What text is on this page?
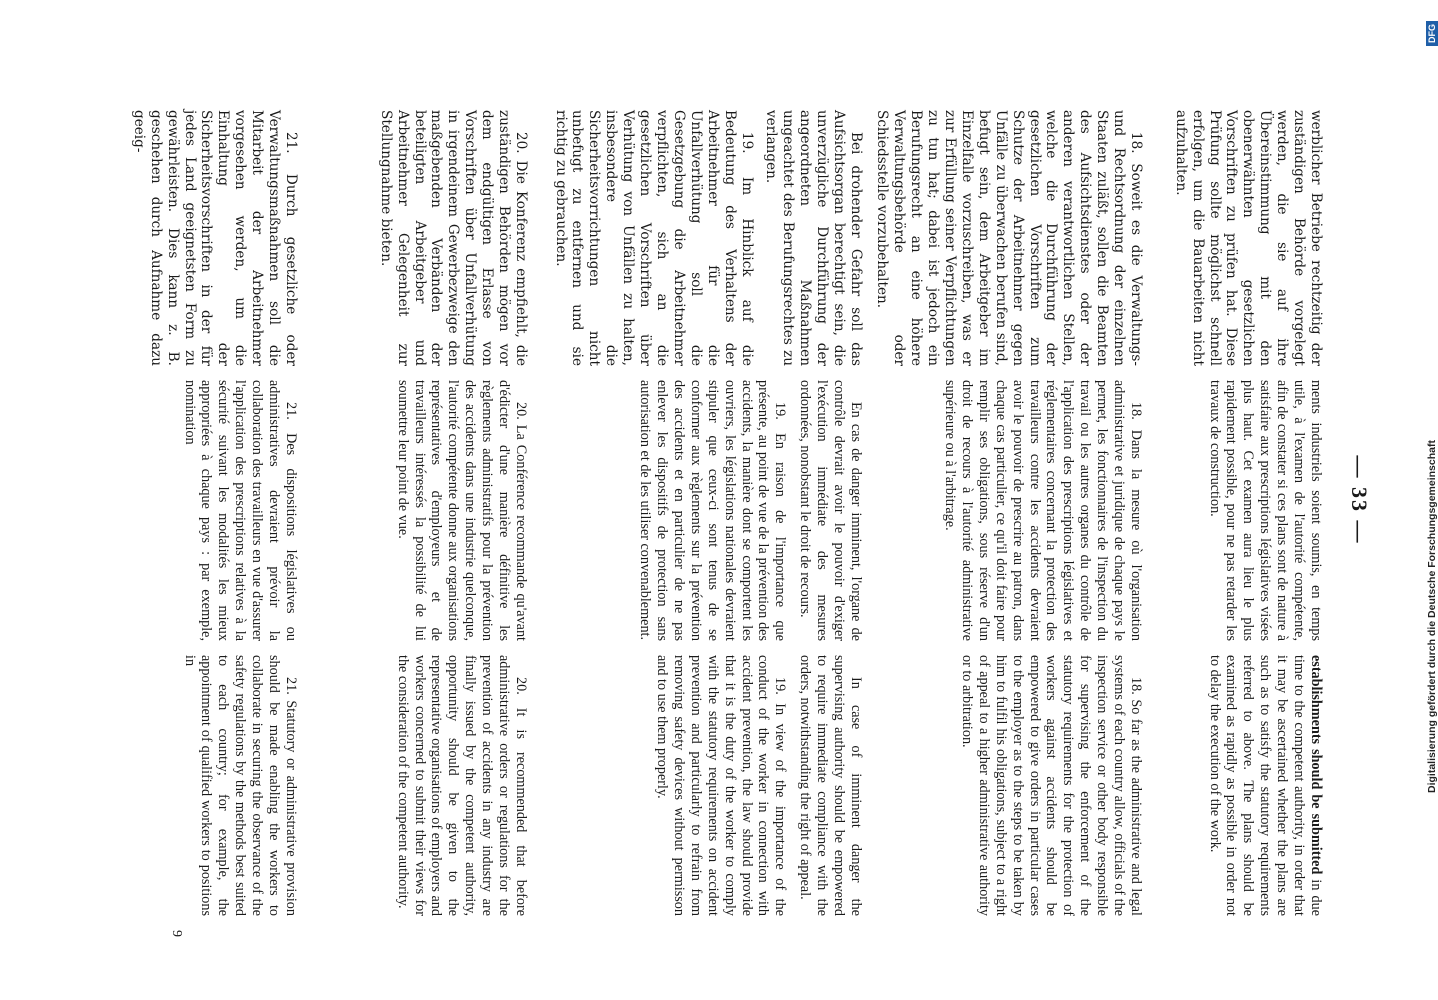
— 33 —

werblicher Betriebe rechtzeitig der zuständigen Behörde vorgelegt werden, die sie auf ihre Übereinstimmung mit den obenerwähnten gesetzlichen Vorschriften zu prüfen hat. Diese Prüfung sollte möglichst schnell erfolgen, um die Bauarbeiten nicht aufzuhalten.

ments industriels soient soumis, en temps utile, à l'examen de l'autorité compétente, afin de constater si ces plans sont de nature à satisfaire aux prescriptions législatives visées plus haut. Cet examen aura lieu le plus rapidement possible, pour ne pas retarder les travaux de construction.

establishments should be submitted in due time to the competent authority, in order that it may be ascertained whether the plans are such as to satisfy the statutory requirements referred to above. The plans should be examined as rapidly as possible in order not to delay the execution of the work.

18. Soweit es die Verwaltungs- und Rechtsordnung der einzelnen Staaten zuläßt, sollen die Beamten des Aufsichtsdienstes oder der anderen verantwortlichen Stellen, welche die Durchführung der gesetzlichen Vorschriften zum Schutze der Arbeitnehmer gegen Unfälle zu überwachen berufen sind, befugt sein, dem Arbeitgeber im Einzelfalle vorzuschreiben, was er zur Erfüllung seiner Verpflichtungen zu tun hat; dabei ist jedoch ein Berufungsrecht an eine höhere Verwaltungsbehörde oder Schiedsstelle vorzubehalten.

18. Dans la mesure où l'organisation administrative et juridique de chaque pays le permet, les fonctionnaires de l'inspection du travail ou les autres organes du contrôle de l'application des prescriptions législatives et réglementaires concernant la protection des travailleurs contre les accidents devraient avoir le pouvoir de prescrire au patron, dans chaque cas particulier, ce qu'il doit faire pour remplir ses obligations, sous réserve d'un droit de recours à l'autorité administrative supérieure ou à l'arbitrage.

18. So far as the administrative and legal systems of each country allow, officials of the inspection service or other body responsible for supervising the enforcement of the statutory requirements for the protection of workers against accidents should be empowered to give orders in particular cases to the employer as to the steps to be taken by him to fulfil his obligations, subject to a right of appeal to a higher administrative authority or to arbitration.

Bei drohender Gefahr soll das Aufsichtsorgan berechtigt sein, die unverzügliche Durchführung der angeordneten Maßnahmen ungeachtet des Berufungsrechtes zu verlangen.

19. Im Hinblick auf die Bedeutung des Verhaltens der Arbeitnehmer für die Unfallverhütung soll die Gesetzgebung die Arbeitnehmer verpflichten, sich an die gesetzlichen Vorschriften über Verhütung von Unfällen zu halten, insbesondere die Sicherheitsvorrichtungen nicht unbefugt zu entfernen und sie richtig zu gebrauchen.

En cas de danger imminent, l'organe de contrôle devrait avoir le pouvoir d'exiger l'exécution immédiate des mesures ordonnées, nonobstant le droit de recours.

19. En raison de l'importance que présente, au point de vue de la prévention des accidents, la manière dont se comportent les ouvriers, les législations nationales devraient stipuler que ceux-ci sont tenus de se conformer aux règlements sur la prévention des accidents et en particulier de ne pas enlever les dispositifs de protection sans autorisation et de les utiliser convenablement.

In case of imminent danger the supervising authority should be empowered to require immediate compliance with the orders, notwithstanding the right of appeal.

19. In view of the importance of the conduct of the worker in connection with accident prevention, the law should provide that it is the duty of the worker to comply with the statutory requirements on accident prevention and particularly to refrain from removing safety devices without permisson and to use them properly.

20. Die Konferenz empfiehlt, die zuständigen Behörden mögen vor dem endgültigen Erlasse von Vorschriften über Unfallverhütung in irgendeinem Gewerbezweige den maßgebenden Verbänden der beteiligten Arbeitgeber und Arbeitnehmer Gelegenheit zur Stellungnahme bieten.

20. La Conférence recommande qu'avant d'édicter d'une manière définitive les règlements administratifs pour la prévention des accidents dans une industrie quelconque, l'autorité compétente donne aux organisations représentatives d'employeurs et de travailleurs intéressés la possibilité de lui soumettre leur point de vue.

20. It is recommended that before administrative orders or regulations for the prevention of accidents in any industry are finally issued by the competent authority, opportunity should be given to the representative organisations of employers and workers concerned to submit their views for the consideration of the competent authority.

21. Durch gesetzliche oder Verwaltungsmaßnahmen soll die Mitarbeit der Arbeitnehmer vorgesehen werden, um die Einhaltung der Sicherheitsvorschriften in der für jedes Land geeignetsten Form zu gewährleisten. Dies kann z. B. geschehen durch Aufnahme dazu geeig-

21. Des dispositions législatives ou administratives devraient prévoir la collaboration des travailleurs en vue d'assurer l'application des prescriptions relatives à la sécurité suivant les modalités les mieux appropriées à chaque pays : par exemple, nomination

21. Statutory or administrative provision should be made enabling the workers to collaborate in securing the observance of the safety regulations by the methods best suited to each country; for example, the appointment of qualified workers to positions in

9
DFG
Digitalisierung gefördert durch die Deutsche Forschungsgemeinschaft
